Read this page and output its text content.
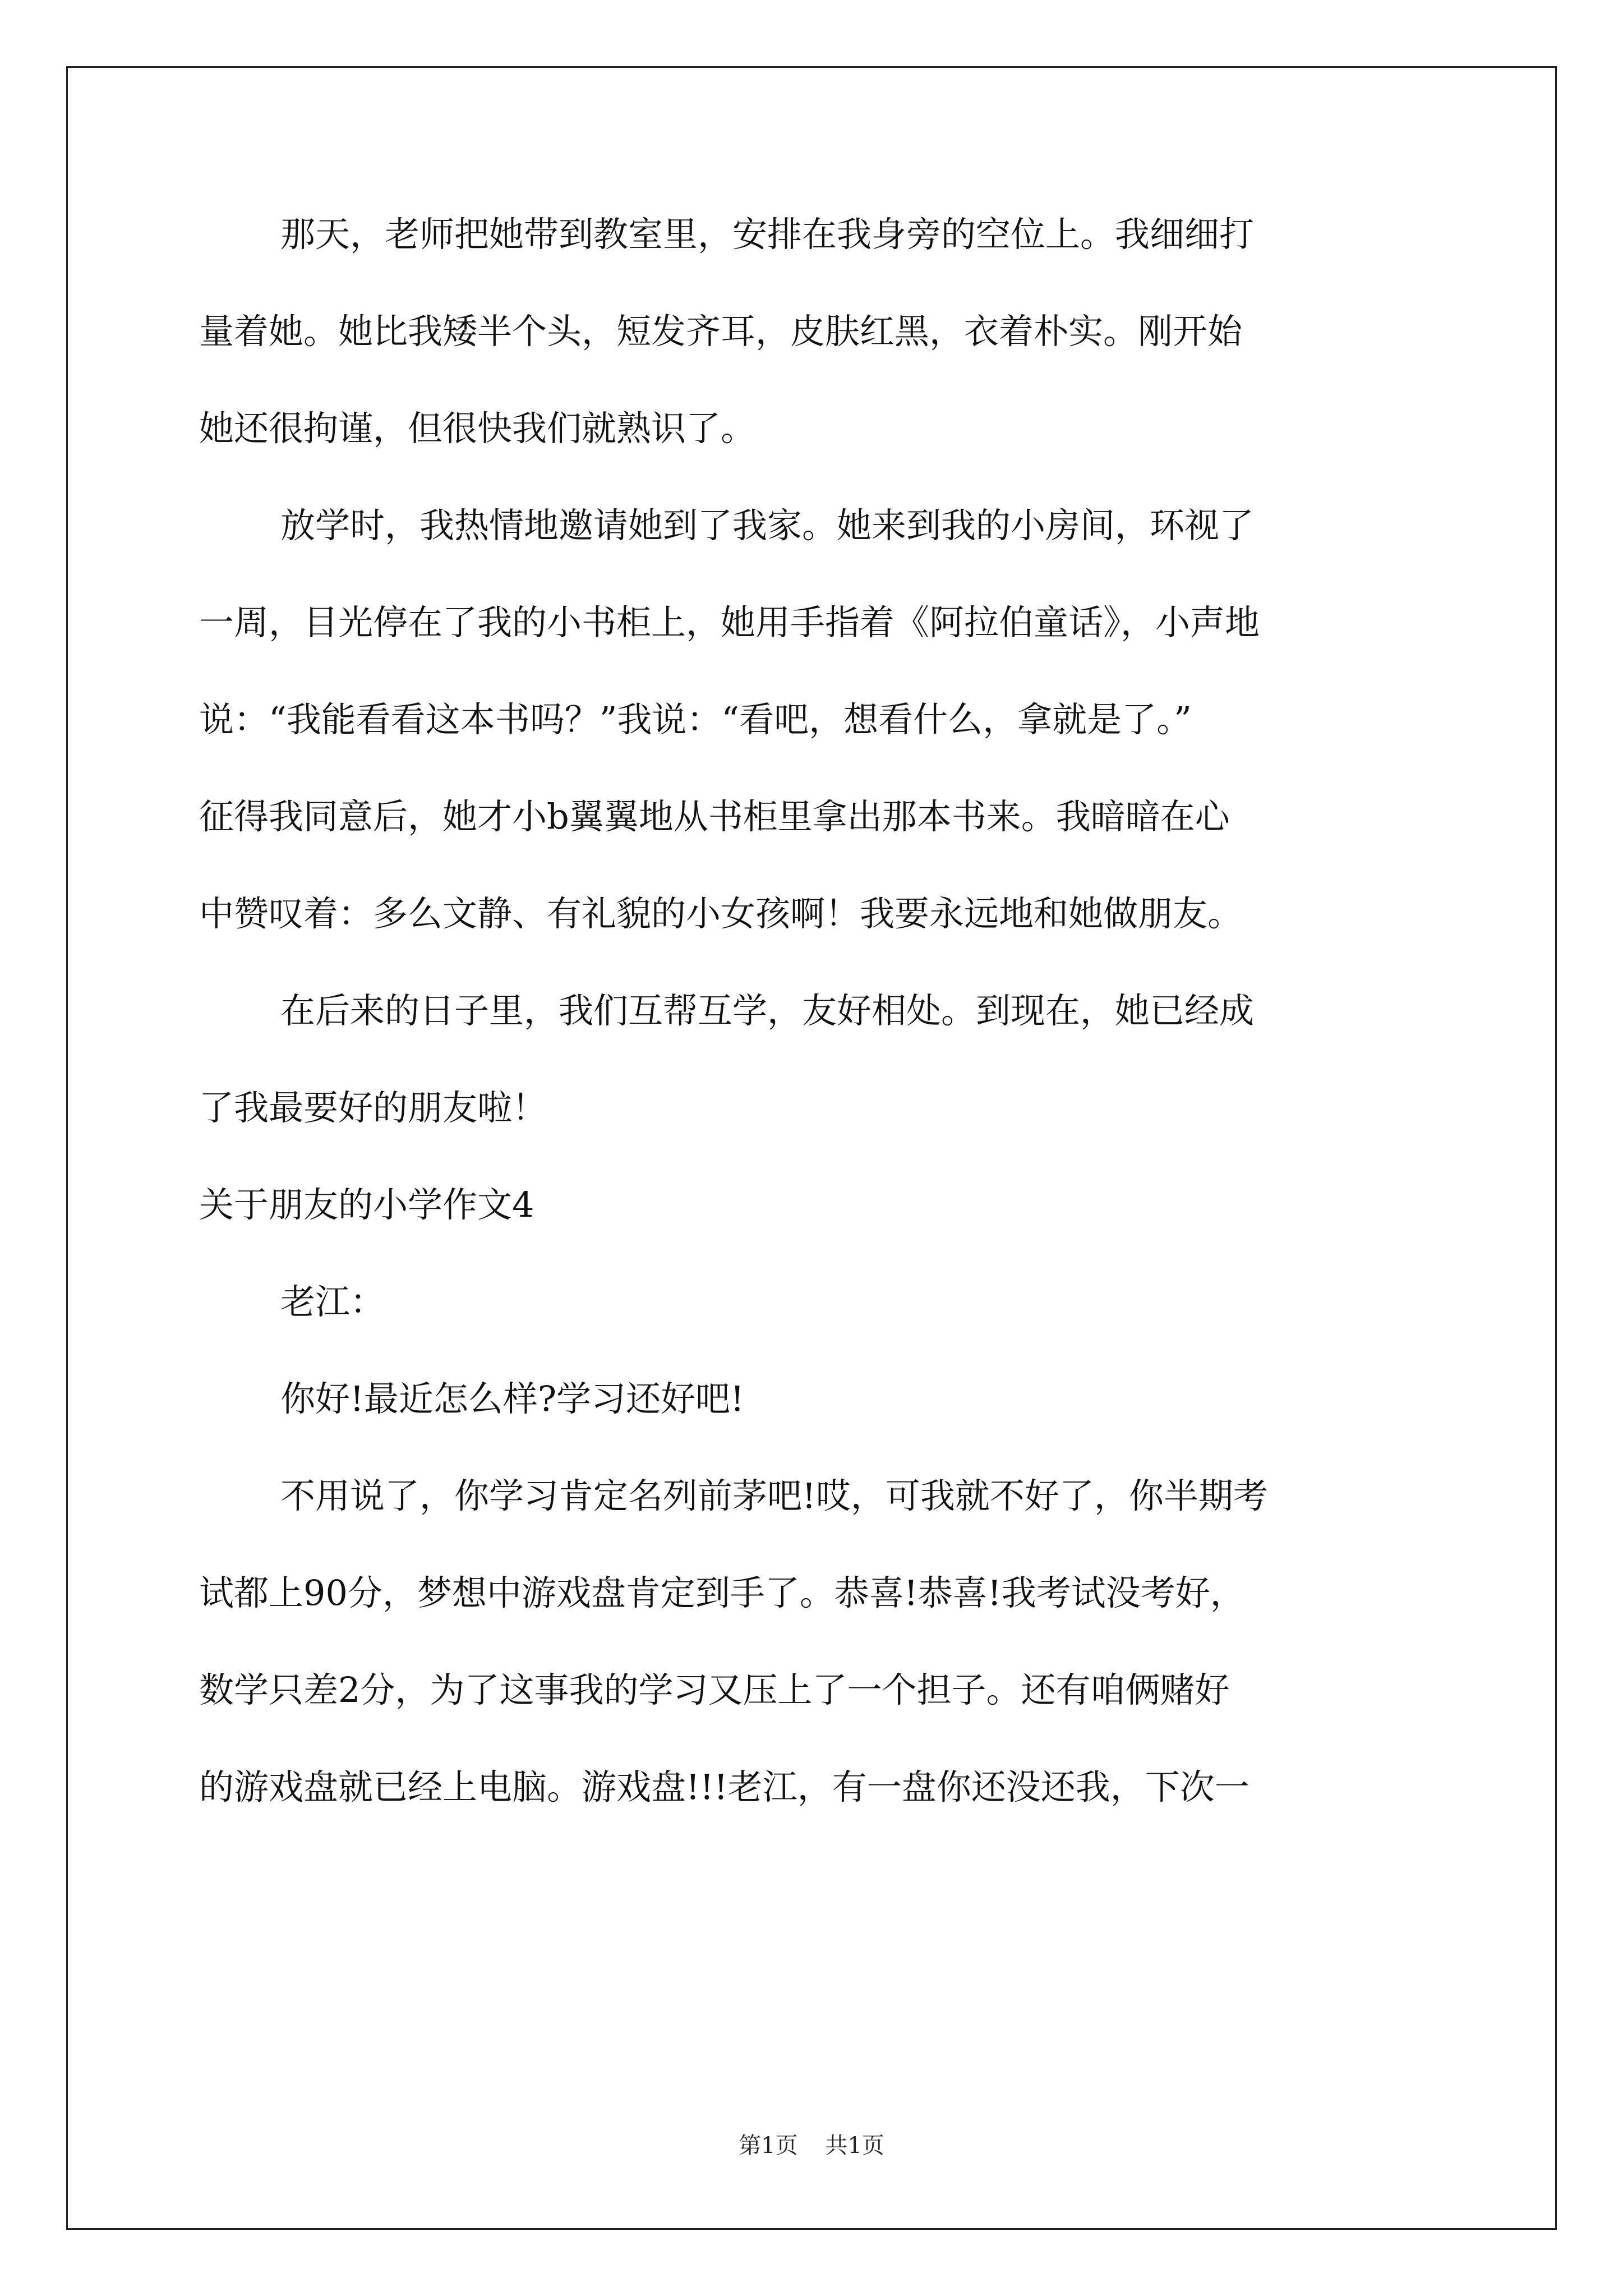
那天，老师把她带到教室里，安排在我身旁的空位上。我细细打
量着她。她比我矮半个头，短发齐耳，皮肤红黑，衣着朴实。刚开始
她还很拘谨，但很快我们就熟识了。
放学时，我热情地邀请她到了我家。她来到我的小房间，环视了
一周，目光停在了我的小书柜上，她用手指着《阿拉伯童话》，小声地
说：“我能看看这本书吗？”我说：“看吧，想看什么，拿就是了。”
征得我同意后，她才小b翼翼地从书柜里拿出那本书来。我暗暗在心
中赞叹着：多么文静、有礼貌的小女孩啊！我要永远地和她做朋友。
在后来的日子里，我们互帮互学，友好相处。到现在，她已经成
了我最要好的朋友啦！
关于朋友的小学作文4
老江：
你好!最近怎么样?学习还好吧!
不用说了，你学习肯定名列前茅吧!哎，可我就不好了，你半期考
试都上90分，梦想中游戏盘肯定到手了。恭喜!恭喜!我考试没考好，
数学只差2分，为了这事我的学习又压上了一个担子。还有咱俩赌好
的游戏盘就已经上电脑。游戏盘!!!老江，有一盘你还没还我，下次一
第1页 共1页
